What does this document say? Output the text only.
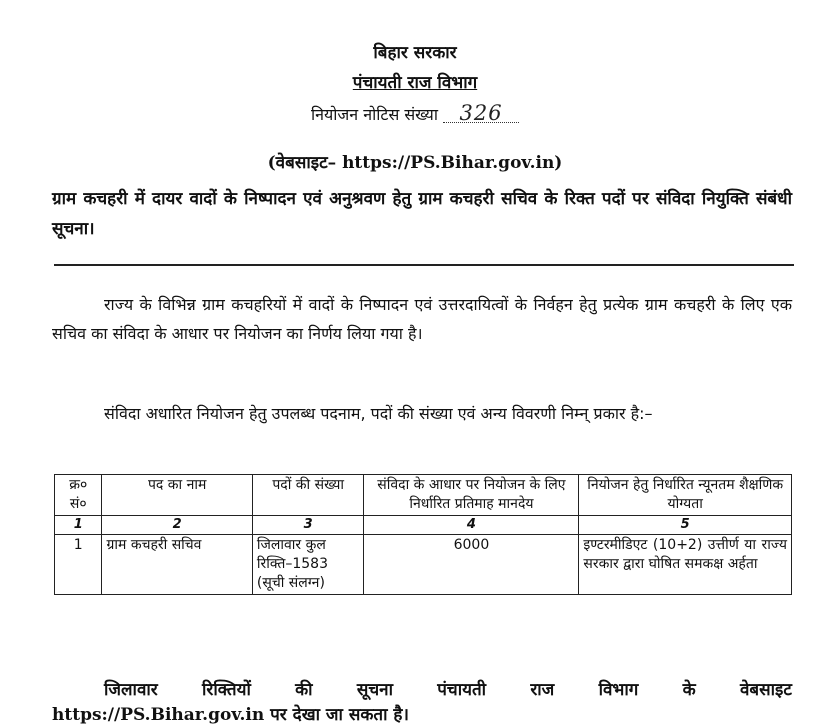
बिहार सरकार
पंचायती राज विभाग
नियोजन नोटिस संख्या 326
(वेबसाइट– https://PS.Bihar.gov.in)
ग्राम कचहरी में दायर वादों के निष्पादन एवं अनुश्रवण हेतु ग्राम कचहरी सचिव के रिक्त पदों पर संविदा नियुक्ति संबंधी सूचना।
राज्य के विभिन्न ग्राम कचहरियों में वादों के निष्पादन एवं उत्तरदायित्वों के निर्वहन हेतु प्रत्येक ग्राम कचहरी के लिए एक सचिव का संविदा के आधार पर नियोजन का निर्णय लिया गया है।
संविदा अधारित नियोजन हेतु उपलब्ध पदनाम, पदों की संख्या एवं अन्य विवरणी निम्न् प्रकार है:–
क्र० सं०	पद का नाम	पदों की संख्या	संविदा के आधार पर नियोजन के लिए निर्धारित प्रतिमाह मानदेय	नियोजन हेतु निर्धारित न्यूनतम शैक्षणिक योग्यता
1	2	3	4	5
1	ग्राम कचहरी सचिव	जिलावार कुल रिक्ति–1583 (सूची संलग्न)	6000	इण्टरमीडिएट (10+2) उत्तीर्ण या राज्य सरकार द्वारा घोषित समकक्ष अर्हता
जिलावार	रिक्तियों	की	सूचना	पंचायती	राज	विभाग	के	वेबसाइट
https://PS.Bihar.gov.in पर देखा जा सकता है।
